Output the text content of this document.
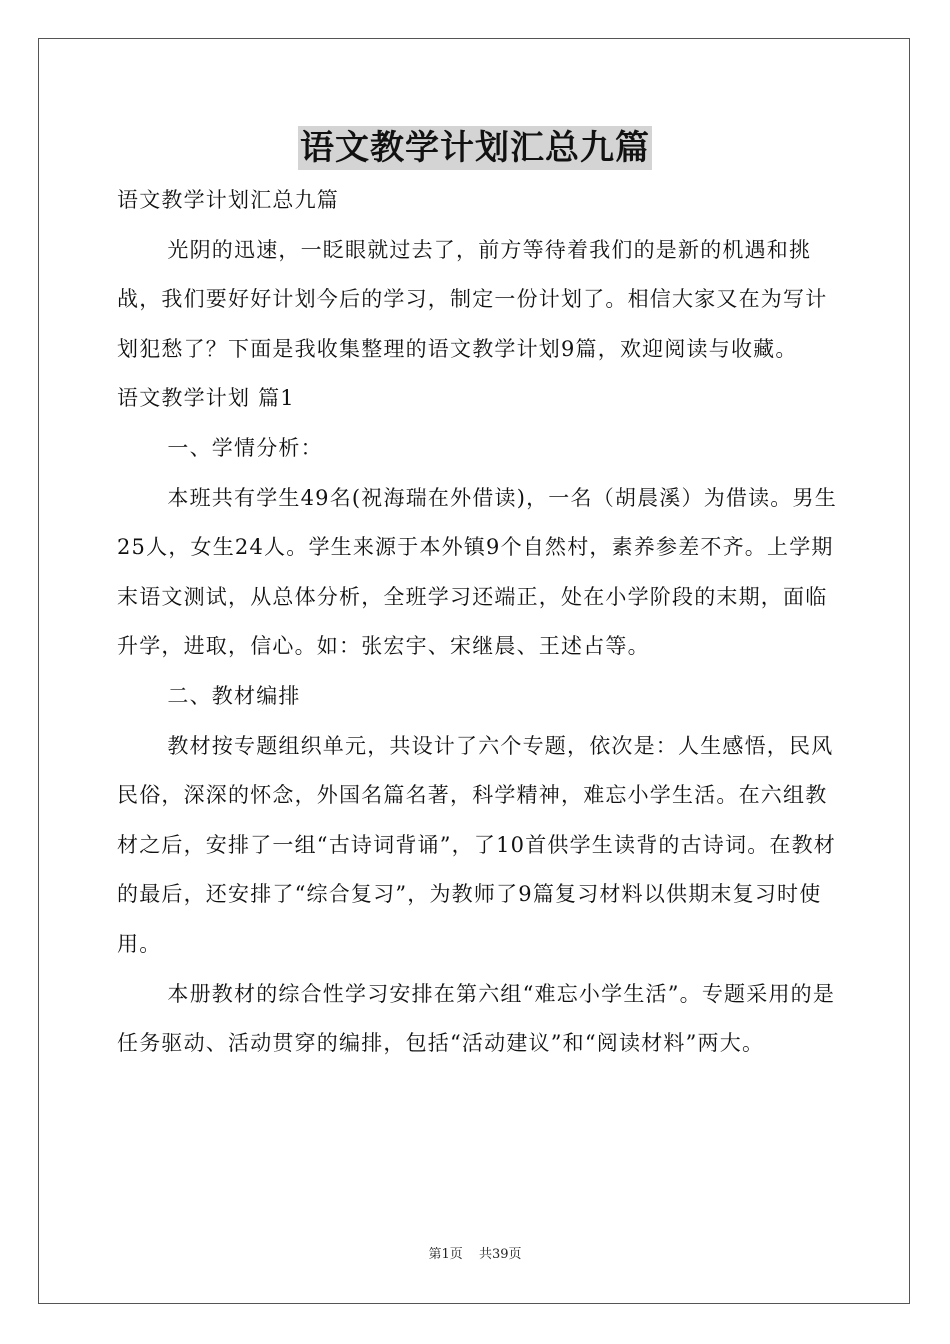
语文教学计划汇总九篇

语文教学计划汇总九篇

光阴的迅速，一眨眼就过去了，前方等待着我们的是新的机遇和挑战，我们要好好计划今后的学习，制定一份计划了。相信大家又在为写计划犯愁了？下面是我收集整理的语文教学计划9篇，欢迎阅读与收藏。

语文教学计划 篇1

一、学情分析：

本班共有学生49名(祝海瑞在外借读)，一名（胡晨溪）为借读。男生25人，女生24人。学生来源于本外镇9个自然村，素养参差不齐。上学期末语文测试，从总体分析，全班学习还端正，处在小学阶段的末期，面临升学，进取，信心。如：张宏宇、宋继晨、王述占等。

二、教材编排

教材按专题组织单元，共设计了六个专题，依次是：人生感悟，民风民俗，深深的怀念，外国名篇名著，科学精神，难忘小学生活。在六组教材之后，安排了一组“古诗词背诵”，了10首供学生读背的古诗词。在教材的最后，还安排了“综合复习”，为教师了9篇复习材料以供期末复习时使用。

本册教材的综合性学习安排在第六组“难忘小学生活”。专题采用的是任务驱动、活动贯穿的编排，包括“活动建议”和“阅读材料”两大。

第1页 共39页
